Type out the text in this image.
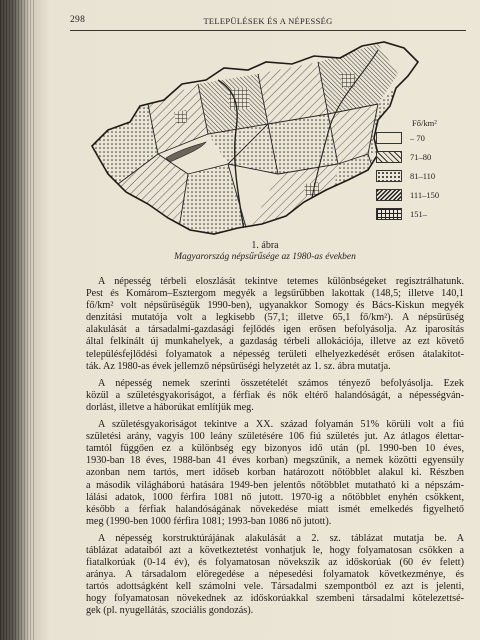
298	TELEPÜLÉSEK ÉS A NÉPESSÉG
Fő/km²
– 70
71–80
81–110
111–150
151–
1. ábra
Magyarország népsűrűsége az 1980-as években

A népesség térbeli eloszlását tekintve tetemes különbségeket regisztrálhatunk.
Pest és Komárom–Esztergom megyék a legsűrűbben lakottak (148,5; illetve 140,1
fő/km² volt népsűrűségük 1990-ben), ugyanakkor Somogy és Bács-Kiskun megyék
denzitási mutatója volt a legkisebb (57,1; illetve 65,1 fő/km²). A népsűrűség
alakulását a társadalmi-gazdasági fejlődés igen erősen befolyásolja. Az iparosítás
által felkínált új munkahelyek, a gazdaság térbeli allokációja, illetve az ezt követő
településfejlődési folyamatok a népesség területi elhelyezkedését erősen átalakítot-
ták. Az 1980-as évek jellemző népsűrűségi helyzetét az 1. sz. ábra mutatja.

A népesség nemek szerinti összetételét számos tényező befolyásolja. Ezek
közül a születésgyakoriságot, a férfiak és nők eltérő halandóságát, a népességván-
dorlást, illetve a háborúkat említjük meg.

A születésgyakoriságot tekintve a XX. század folyamán 51% körüli volt a fiú
születési arány, vagyis 100 leány születésére 106 fiú születés jut. Az átlagos élettar-
tamtól függően ez a különbség egy bizonyos idő után (pl. 1990-ben 10 éves,
1930-ban 18 éves, 1988-ban 41 éves korban) megszűnik, a nemek közötti egyensúly
azonban nem tartós, mert időseb korban határozott nőtöbblet alakul ki. Részben
a második világháború hatására 1949-ben jelentős nőtöbblet mutatható ki a népszám-
lálási adatok, 1000 férfira 1081 nő jutott. 1970-ig a nőtöbblet enyhén csökkent,
később a férfiak halandóságának növekedése miatt ismét emelkedés figyelhető
meg (1990-ben 1000 férfira 1081; 1993-ban 1086 nő jutott).

A népesség korstruktúrájának alakulását a 2. sz. táblázat mutatja be. A
táblázat adataiból azt a következtetést vonhatjuk le, hogy folyamatosan csökken a
fiatalkorúak (0-14 év), és folyamatosan növekszik az időskorúak (60 év felett)
aránya. A társadalom elöregedése a népesedési folyamatok következménye, és
tartós adottságként kell számolni vele. Társadalmi szempontból ez azt is jelenti,
hogy folyamatosan növekednek az időskorúakkal szembeni társadalmi kötelezettsé-
gek (pl. nyugellátás, szociális gondozás).
